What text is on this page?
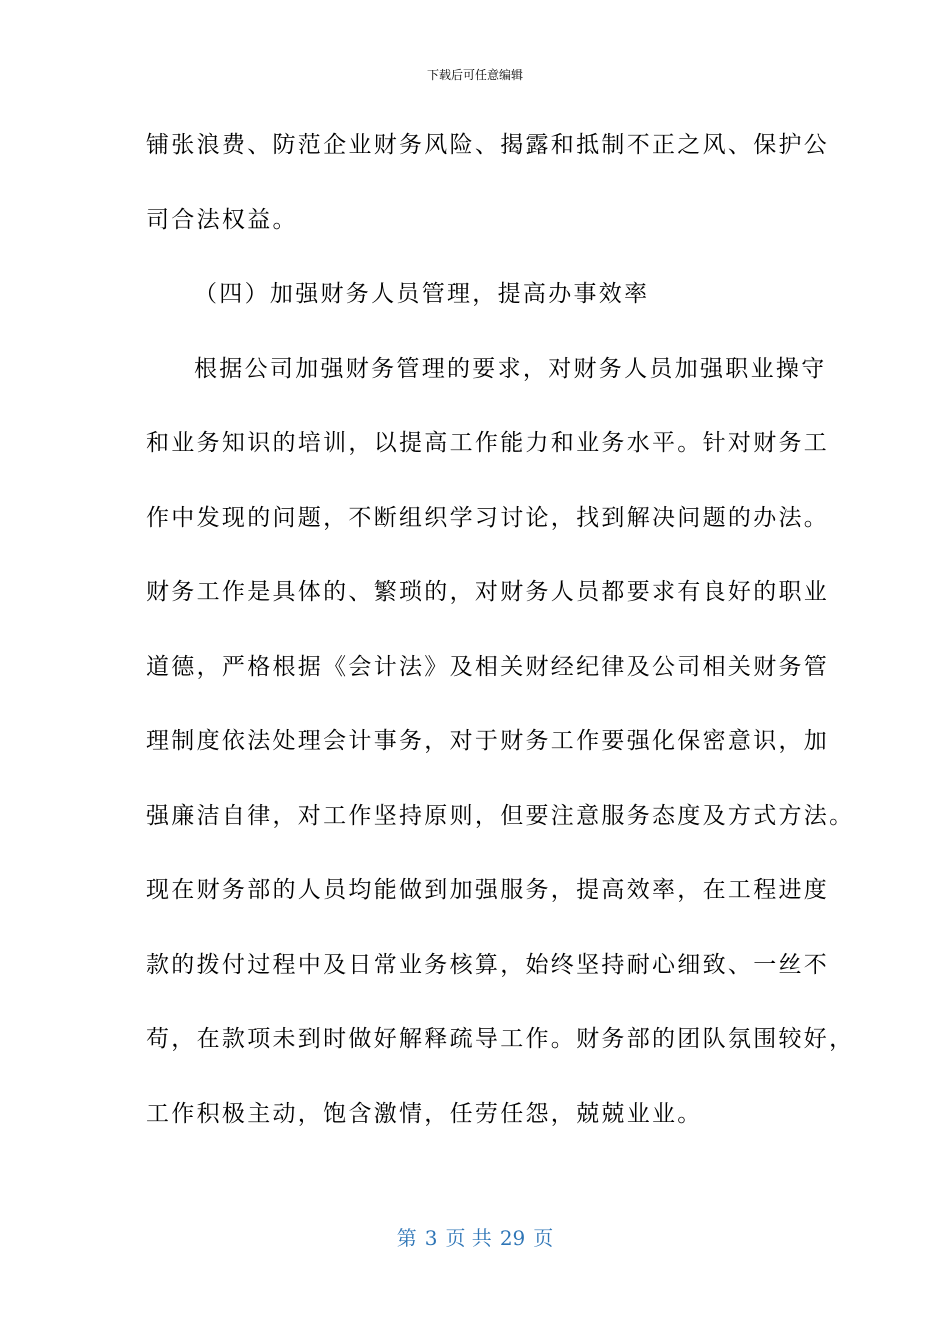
下载后可任意编辑
铺张浪费、防范企业财务风险、揭露和抵制不正之风、保护公
司合法权益。
（四）加强财务人员管理，提高办事效率
根据公司加强财务管理的要求，对财务人员加强职业操守
和业务知识的培训，以提高工作能力和业务水平。针对财务工
作中发现的问题，不断组织学习讨论，找到解决问题的办法。
财务工作是具体的、繁琐的，对财务人员都要求有良好的职业
道德，严格根据《会计法》及相关财经纪律及公司相关财务管
理制度依法处理会计事务，对于财务工作要强化保密意识，加
强廉洁自律，对工作坚持原则，但要注意服务态度及方式方法。
现在财务部的人员均能做到加强服务，提高效率，在工程进度
款的拨付过程中及日常业务核算，始终坚持耐心细致、一丝不
苟，在款项未到时做好解释疏导工作。财务部的团队氛围较好，
工作积极主动，饱含激情，任劳任怨，兢兢业业。
第 3 页 共 29 页
